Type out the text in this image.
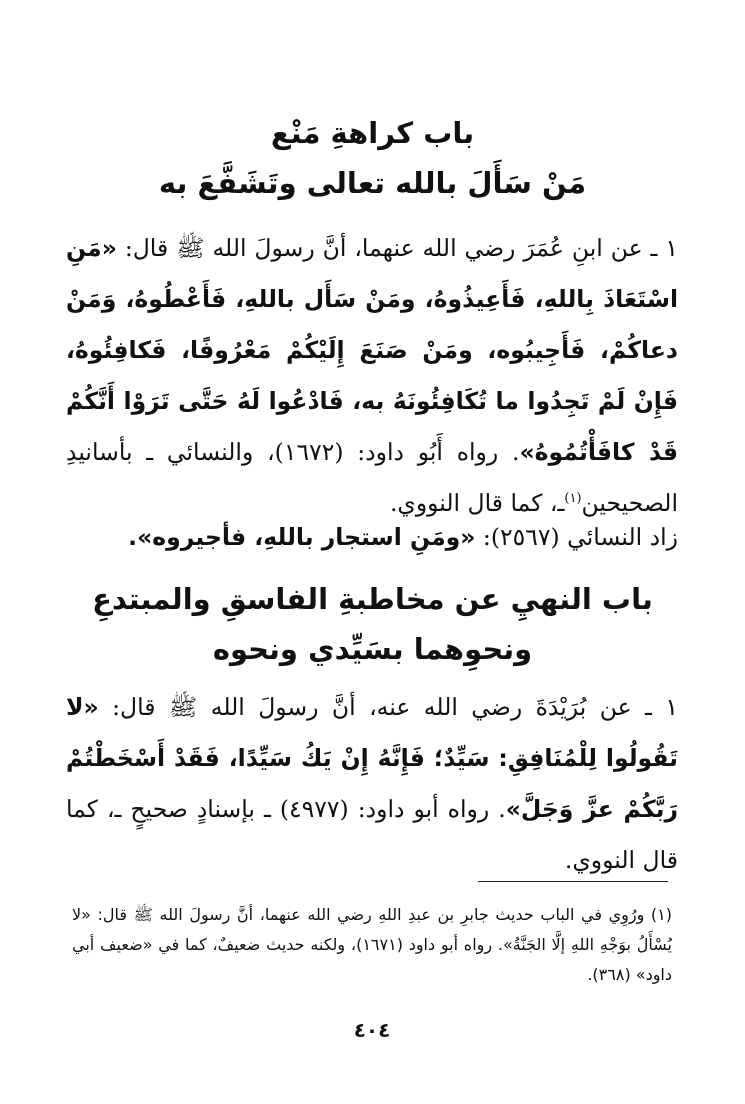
باب كراهةِ مَنْع
مَنْ سَأَلَ بالله تعالى وتَشَفَّعَ به
١ ـ عن ابنِ عُمَرَ رضي الله عنهما، أنَّ رسولَ الله ﷺ قال: «مَنِ اسْتَعَاذَ بِاللهِ، فَأَعِيذُوهُ، ومَنْ سَأَل باللهِ، فَأَعْطُوهُ، وَمَنْ دعاكُمْ، فَأَجِيبُوه، ومَنْ صَنَعَ إِلَيْكُمْ مَعْرُوفًا، فَكافِئُوهُ، فَإِنْ لَمْ تَجِدُوا ما تُكَافِئُونَهُ به، فَادْعُوا لَهُ حَتَّى تَرَوْا أَنَّكُمْ قَدْ كافَأْتُمُوهُ». رواه أَبُو داود: (١٦٧٢)، والنسائي ـ بأسانيدِ الصحيحين$^{(١)}$ـ، كما قال النووي.
زاد النسائي (٢٥٦٧): «ومَنِ استجار باللهِ، فأجيروه».
باب النهيِ عن مخاطبةِ الفاسقِ والمبتدعِ
ونحوِهما بسَيِّدي ونحوه
١ ـ عن بُرَيْدَةَ رضي الله عنه، أنَّ رسولَ الله ﷺ قال: «لا تَقُولُوا لِلْمُنَافِقِ: سَيِّدٌ؛ فَإِنَّهُ إِنْ يَكُ سَيِّدًا، فَقَدْ أَسْخَطْتُمْ رَبَّكُمْ عزَّ وَجَلَّ». رواه أبو داود: (٤٩٧٧) ـ بإسنادٍ صحيحٍ ـ، كما قال النووي.
(١) ورُوِي في الباب حديث جابرِ بن عبدِ اللهِ رضي الله عنهما، أنَّ رسولَ الله ﷺ قال: «لا يُسْأَلُ بوَجْهِ اللهِ إلَّا الجَنَّةُ». رواه أبو داود (١٦٧١)، ولكنه حديث ضعيفٌ، كما في «ضعيف أبي داود» (٣٦٨).
٤٠٤
